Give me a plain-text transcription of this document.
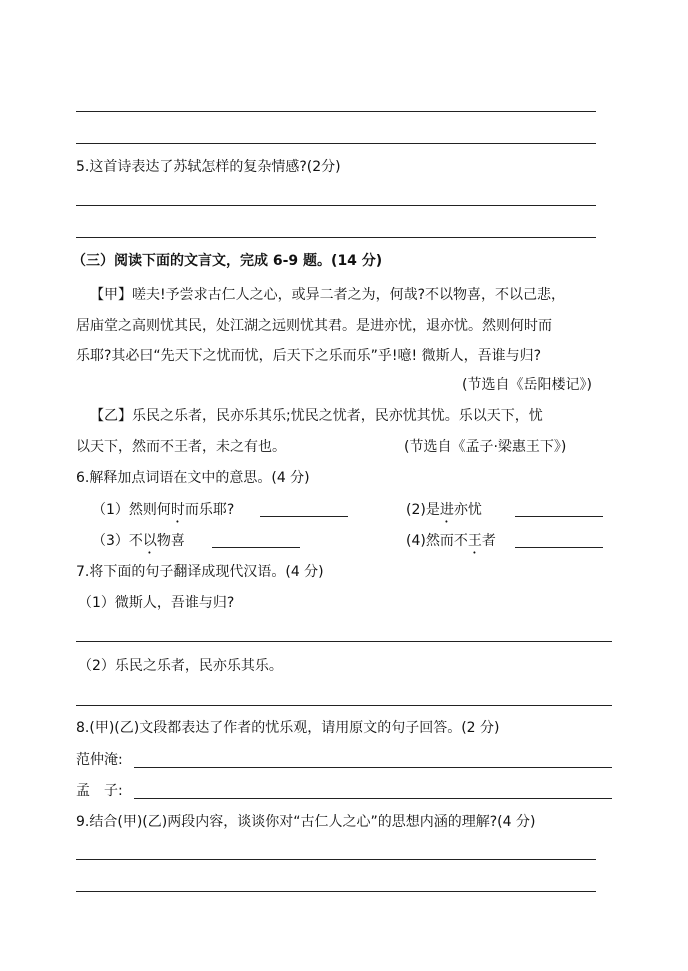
5.这首诗表达了苏轼怎样的复杂情感?(2分)
（三）阅读下面的文言文，完成 6-9 题。(14 分)
【甲】嗟夫!予尝求古仁人之心，或异二者之为，何哉?不以物喜，不以己悲，
居庙堂之高则忧其民，处江湖之远则忧其君。是进亦忧，退亦忧。然则何时而
乐耶?其必曰“先天下之忧而忧，后天下之乐而乐”乎!噫! 微斯人，吾谁与归?
(节选自《岳阳楼记》)
【乙】乐民之乐者，民亦乐其乐;忧民之忧者，民亦忧其忧。乐以天下，忧
以天下，然而不王者，未之有也。	(节选自《孟子·梁惠王下》)
6.解释加点词语在文中的意思。(4 分)
（1）然则何时而乐耶?	(2)是进亦忧
（3）不以物喜	(4)然而不王者
7.将下面的句子翻译成现代汉语。(4 分)
（1）微斯人，吾谁与归?
（2）乐民之乐者，民亦乐其乐。
8.(甲)(乙)文段都表达了作者的忧乐观，请用原文的句子回答。(2 分)
范仲淹:
孟　子:
9.结合(甲)(乙)两段内容，谈谈你对“古仁人之心”的思想内涵的理解?(4 分)
